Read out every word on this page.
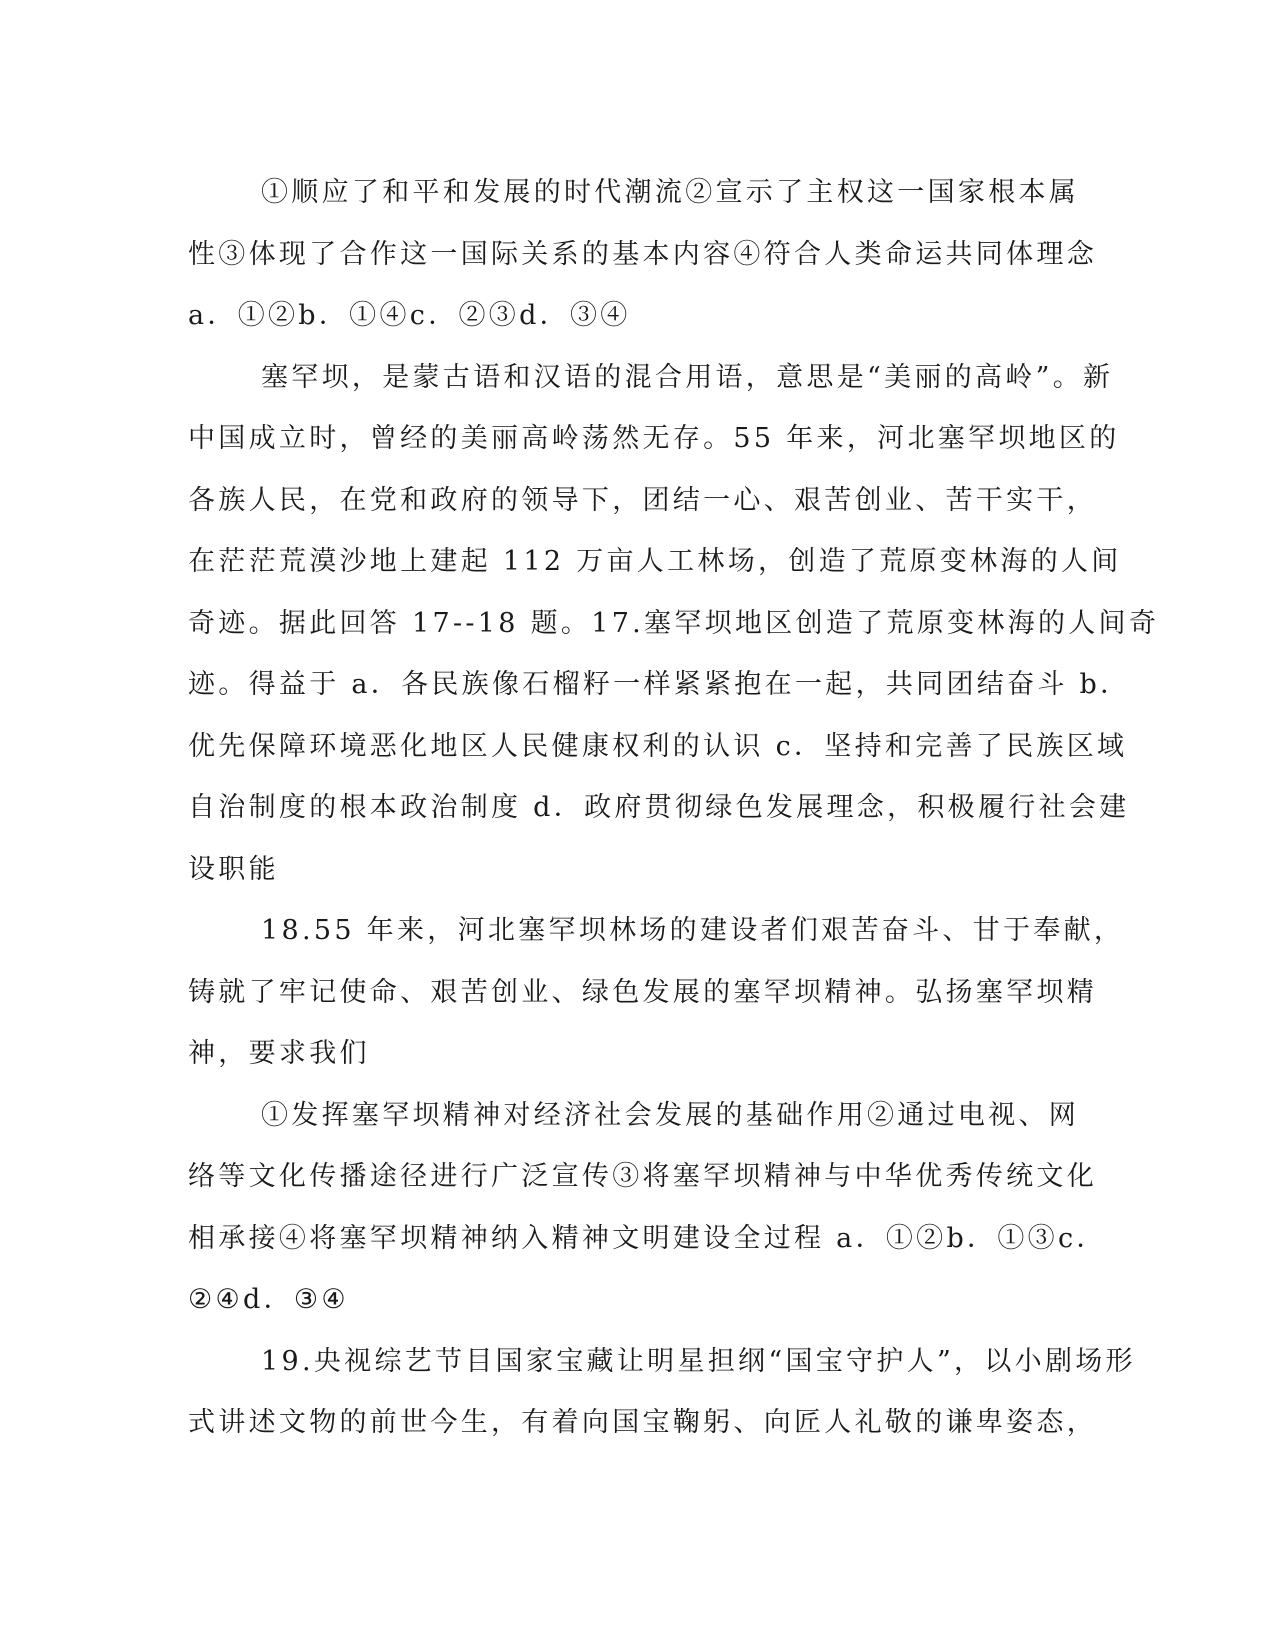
①顺应了和平和发展的时代潮流②宣示了主权这一国家根本属
性③体现了合作这一国际关系的基本内容④符合人类命运共同体理念
a．①②b．①④c．②③d．③④
塞罕坝，是蒙古语和汉语的混合用语，意思是“美丽的高岭”。新
中国成立时，曾经的美丽高岭荡然无存。55 年来，河北塞罕坝地区的
各族人民，在党和政府的领导下，团结一心、艰苦创业、苦干实干，
在茫茫荒漠沙地上建起 112 万亩人工林场，创造了荒原变林海的人间
奇迹。据此回答 17--18 题。17.塞罕坝地区创造了荒原变林海的人间奇
迹。得益于 a．各民族像石榴籽一样紧紧抱在一起，共同团结奋斗 b．
优先保障环境恶化地区人民健康权利的认识 c．坚持和完善了民族区域
自治制度的根本政治制度 d．政府贯彻绿色发展理念，积极履行社会建
设职能
18.55 年来，河北塞罕坝林场的建设者们艰苦奋斗、甘于奉献，
铸就了牢记使命、艰苦创业、绿色发展的塞罕坝精神。弘扬塞罕坝精
神，要求我们
①发挥塞罕坝精神对经济社会发展的基础作用②通过电视、网
络等文化传播途径进行广泛宣传③将塞罕坝精神与中华优秀传统文化
相承接④将塞罕坝精神纳入精神文明建设全过程 a．①②b．①③c．
②④d．③④
19.央视综艺节目国家宝藏让明星担纲“国宝守护人”，以小剧场形
式讲述文物的前世今生，有着向国宝鞠躬、向匠人礼敬的谦卑姿态，
